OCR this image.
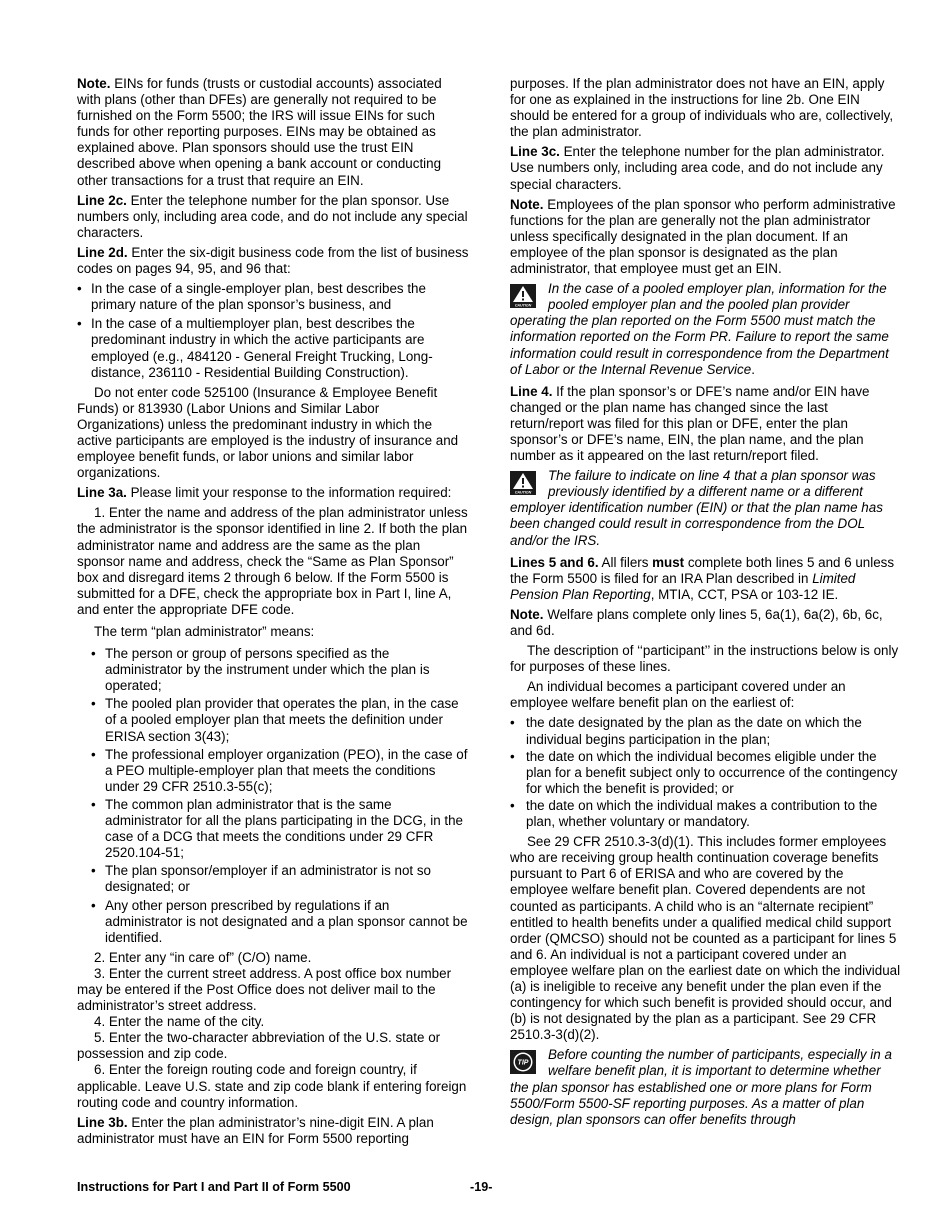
Note. EINs for funds (trusts or custodial accounts) associated with plans (other than DFEs) are generally not required to be furnished on the Form 5500; the IRS will issue EINs for such funds for other reporting purposes. EINs may be obtained as explained above. Plan sponsors should use the trust EIN described above when opening a bank account or conducting other transactions for a trust that require an EIN.

Line 2c. Enter the telephone number for the plan sponsor. Use numbers only, including area code, and do not include any special characters.

Line 2d. Enter the six-digit business code from the list of business codes on pages 94, 95, and 96 that:

• In the case of a single-employer plan, best describes the primary nature of the plan sponsor’s business, and
• In the case of a multiemployer plan, best describes the predominant industry in which the active participants are employed (e.g., 484120 - General Freight Trucking, Long-distance, 236110 - Residential Building Construction).

Do not enter code 525100 (Insurance & Employee Benefit Funds) or 813930 (Labor Unions and Similar Labor Organizations) unless the predominant industry in which the active participants are employed is the industry of insurance and employee benefit funds, or labor unions and similar labor organizations.

Line 3a. Please limit your response to the information required:

1. Enter the name and address of the plan administrator unless the administrator is the sponsor identified in line 2. If both the plan administrator name and address are the same as the plan sponsor name and address, check the “Same as Plan Sponsor” box and disregard items 2 through 6 below. If the Form 5500 is submitted for a DFE, check the appropriate box in Part I, line A, and enter the appropriate DFE code.

The term “plan administrator” means:

• The person or group of persons specified as the administrator by the instrument under which the plan is operated;
• The pooled plan provider that operates the plan, in the case of a pooled employer plan that meets the definition under ERISA section 3(43);
• The professional employer organization (PEO), in the case of a PEO multiple-employer plan that meets the conditions under 29 CFR 2510.3-55(c);
• The common plan administrator that is the same administrator for all the plans participating in the DCG, in the case of a DCG that meets the conditions under 29 CFR 2520.104-51;
• The plan sponsor/employer if an administrator is not so designated; or
• Any other person prescribed by regulations if an administrator is not designated and a plan sponsor cannot be identified.

2. Enter any “in care of” (C/O) name.

3. Enter the current street address. A post office box number may be entered if the Post Office does not deliver mail to the administrator’s street address.

4. Enter the name of the city.

5. Enter the two-character abbreviation of the U.S. state or possession and zip code.

6. Enter the foreign routing code and foreign country, if applicable. Leave U.S. state and zip code blank if entering foreign routing code and country information.

Line 3b. Enter the plan administrator’s nine-digit EIN. A plan administrator must have an EIN for Form 5500 reporting

purposes. If the plan administrator does not have an EIN, apply for one as explained in the instructions for line 2b. One EIN should be entered for a group of individuals who are, collectively, the plan administrator.

Line 3c. Enter the telephone number for the plan administrator. Use numbers only, including area code, and do not include any special characters.

Note. Employees of the plan sponsor who perform administrative functions for the plan are generally not the plan administrator unless specifically designated in the plan document. If an employee of the plan sponsor is designated as the plan administrator, that employee must get an EIN.

CAUTION
In the case of a pooled employer plan, information for the pooled employer plan and the pooled plan provider operating the plan reported on the Form 5500 must match the information reported on the Form PR. Failure to report the same information could result in correspondence from the Department of Labor or the Internal Revenue Service.

Line 4. If the plan sponsor’s or DFE’s name and/or EIN have changed or the plan name has changed since the last return/report was filed for this plan or DFE, enter the plan sponsor’s or DFE’s name, EIN, the plan name, and the plan number as it appeared on the last return/report filed.

CAUTION
The failure to indicate on line 4 that a plan sponsor was previously identified by a different name or a different employer identification number (EIN) or that the plan name has been changed could result in correspondence from the DOL and/or the IRS.

Lines 5 and 6. All filers must complete both lines 5 and 6 unless the Form 5500 is filed for an IRA Plan described in Limited Pension Plan Reporting, MTIA, CCT, PSA or 103-12 IE.

Note. Welfare plans complete only lines 5, 6a(1), 6a(2), 6b, 6c, and 6d.

The description of ‘‘participant’’ in the instructions below is only for purposes of these lines.

An individual becomes a participant covered under an employee welfare benefit plan on the earliest of:

• the date designated by the plan as the date on which the individual begins participation in the plan;
• the date on which the individual becomes eligible under the plan for a benefit subject only to occurrence of the contingency for which the benefit is provided; or
• the date on which the individual makes a contribution to the plan, whether voluntary or mandatory.

See 29 CFR 2510.3-3(d)(1). This includes former employees who are receiving group health continuation coverage benefits pursuant to Part 6 of ERISA and who are covered by the employee welfare benefit plan. Covered dependents are not counted as participants. A child who is an “alternate recipient” entitled to health benefits under a qualified medical child support order (QMCSO) should not be counted as a participant for lines 5 and 6. An individual is not a participant covered under an employee welfare plan on the earliest date on which the individual (a) is ineligible to receive any benefit under the plan even if the contingency for which such benefit is provided should occur, and (b) is not designated by the plan as a participant. See 29 CFR 2510.3-3(d)(2).

TIP
Before counting the number of participants, especially in a welfare benefit plan, it is important to determine whether the plan sponsor has established one or more plans for Form 5500/Form 5500-SF reporting purposes. As a matter of plan design, plan sponsors can offer benefits through
Instructions for Part I and Part II of Form 5500	-19-
